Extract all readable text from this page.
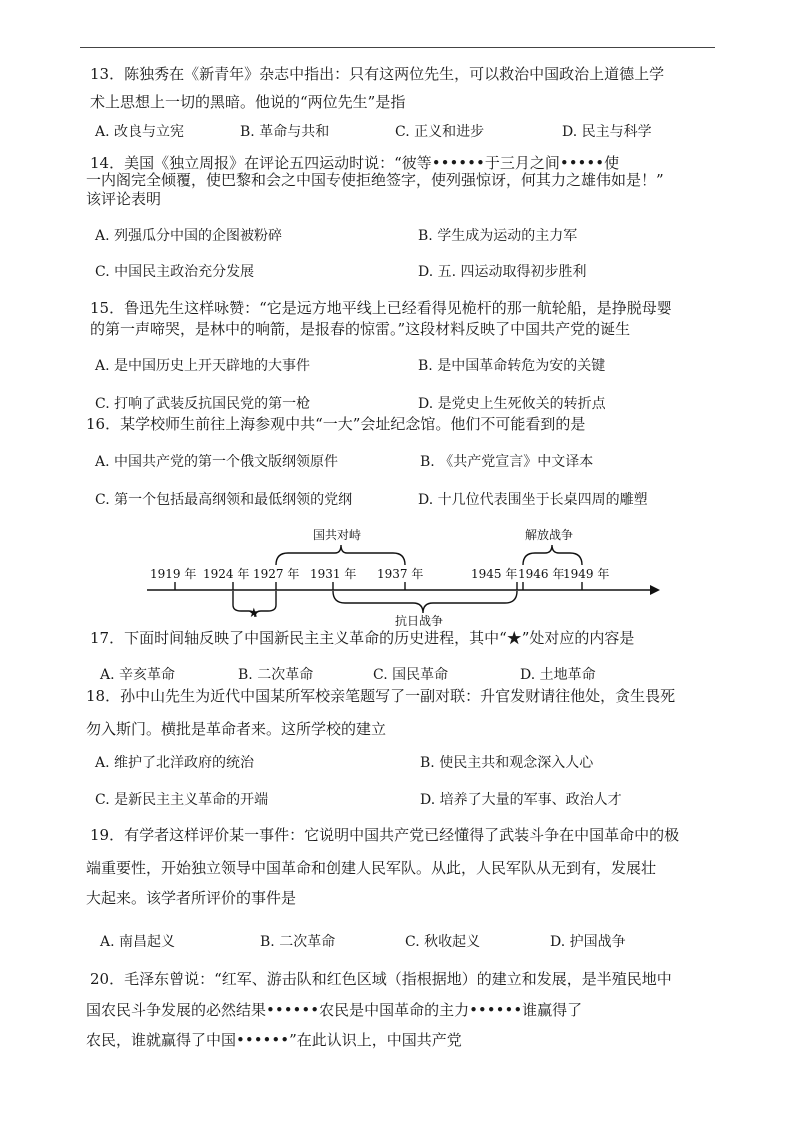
13．陈独秀在《新青年》杂志中指出：只有这两位先生，可以救治中国政治上道德上学
术上思想上一切的黑暗。他说的“两位先生”是指
A. 改良与立宪	B. 革命与共和	C. 正义和进步	D. 民主与科学
14．美国《独立周报》在评论五四运动时说：“彼等••••••于三月之间•••••使
一内阁完全倾覆，使巴黎和会之中国专使拒绝签字，使列强惊讶，何其力之雄伟如是！”
该评论表明
A. 列强瓜分中国的企图被粉碎	B. 学生成为运动的主力军
C. 中国民主政治充分发展	D. 五. 四运动取得初步胜利
15．鲁迅先生这样咏赞：“它是远方地平线上已经看得见桅杆的那一航轮船，是挣脱母婴
的第一声啼哭，是林中的响箭，是报春的惊雷。”这段材料反映了中国共产党的诞生
A. 是中国历史上开天辟地的大事件	B. 是中国革命转危为安的关键
C. 打响了武装反抗国民党的第一枪	D. 是党史上生死攸关的转折点
16．某学校师生前往上海参观中共“一大”会址纪念馆。他们不可能看到的是
A. 中国共产党的第一个俄文版纲领原件	B. 《共产党宣言》中文译本
C. 第一个包括最高纲领和最低纲领的党纲	D. 十几位代表围坐于长桌四周的雕塑
1919 年 1924 年 1927 年 1931 年 1937 年	1945 年 1946 年
1949 年
国共对峙	解放战争
★	抗日战争
17．下面时间轴反映了中国新民主主义革命的历史进程，其中“★”处对应的内容是
A. 辛亥革命	B. 二次革命	C. 国民革命	D. 土地革命
18．孙中山先生为近代中国某所军校亲笔题写了一副对联：升官发财请往他处，贪生畏死
勿入斯门。横批是革命者来。这所学校的建立
A. 维护了北洋政府的统治	B. 使民主共和观念深入人心
C. 是新民主主义革命的开端	D. 培养了大量的军事、政治人才
19．有学者这样评价某一事件：它说明中国共产党已经懂得了武装斗争在中国革命中的极
端重要性，开始独立领导中国革命和创建人民军队。从此，人民军队从无到有，发展壮
大起来。该学者所评价的事件是
A. 南昌起义	B. 二次革命	C. 秋收起义	D. 护国战争
20．毛泽东曾说：“红军、游击队和红色区域（指根据地）的建立和发展，是半殖民地中
国农民斗争发展的必然结果••••••农民是中国革命的主力••••••谁赢得了
农民，谁就赢得了中国••••••”在此认识上，中国共产党
